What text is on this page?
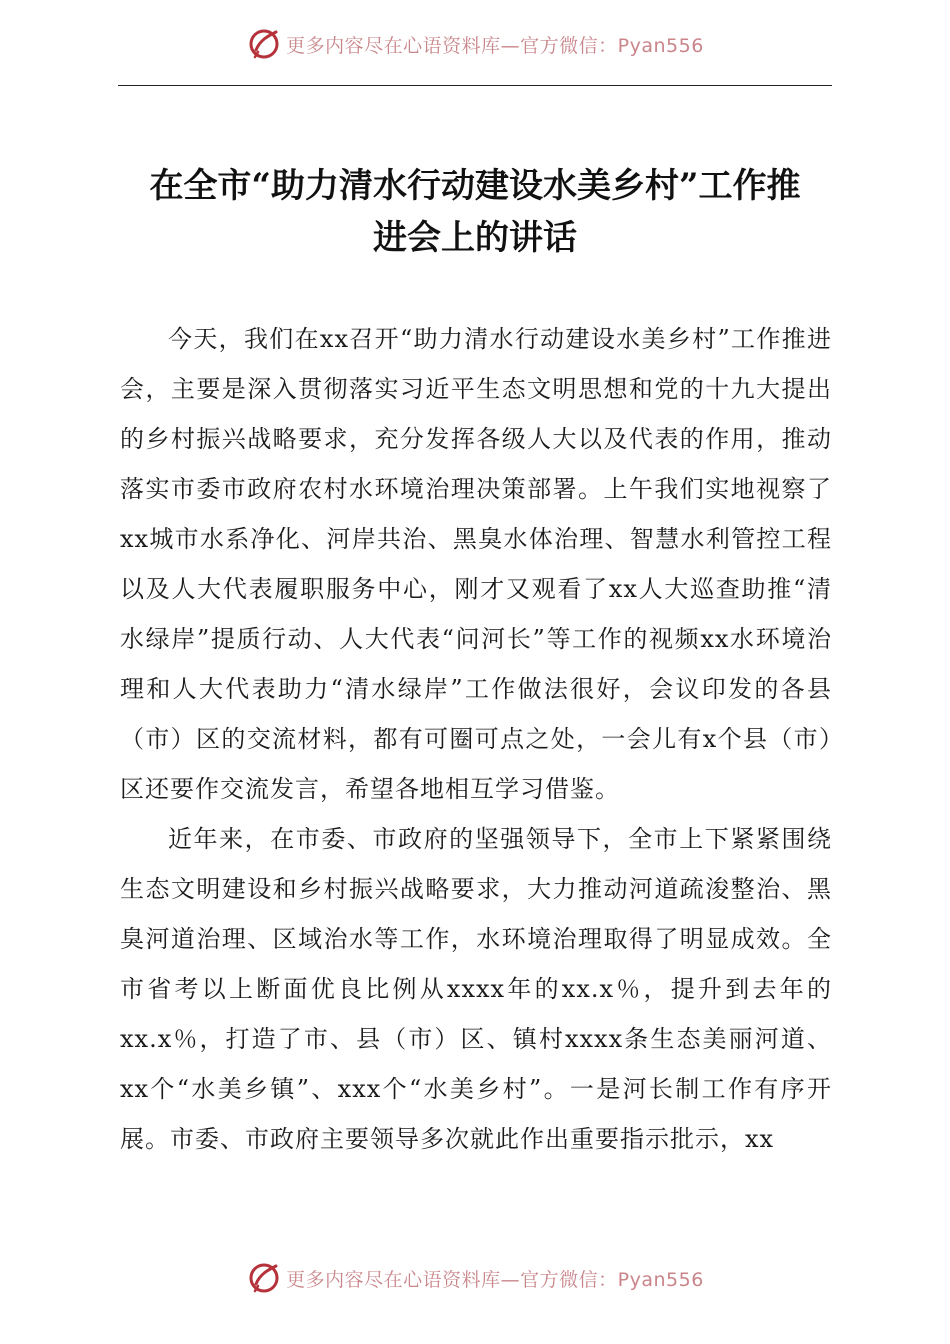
更多内容尽在心语资料库—官方微信：Pyan556
在全市“助力清水行动建设水美乡村”工作推
进会上的讲话

今天，我们在xx召开“助力清水行动建设水美乡村”工作推进会，主要是深入贯彻落实习近平生态文明思想和党的十九大提出的乡村振兴战略要求，充分发挥各级人大以及代表的作用，推动落实市委市政府农村水环境治理决策部署。上午我们实地视察了xx城市水系净化、河岸共治、黑臭水体治理、智慧水利管控工程以及人大代表履职服务中心，刚才又观看了xx人大巡查助推“清水绿岸”提质行动、人大代表“问河长”等工作的视频xx水环境治理和人大代表助力“清水绿岸”工作做法很好，会议印发的各县（市）区的交流材料，都有可圈可点之处，一会儿有x个县（市）区还要作交流发言，希望各地相互学习借鉴。

近年来，在市委、市政府的坚强领导下，全市上下紧紧围绕生态文明建设和乡村振兴战略要求，大力推动河道疏浚整治、黑臭河道治理、区域治水等工作，水环境治理取得了明显成效。全市省考以上断面优良比例从xxxx年的xx.x％，提升到去年的xx.x％，打造了市、县（市）区、镇村xxxx条生态美丽河道、xx个“水美乡镇”、xxx个“水美乡村”。一是河长制工作有序开展。市委、市政府主要领导多次就此作出重要指示批示，xx

更多内容尽在心语资料库—官方微信：Pyan556
